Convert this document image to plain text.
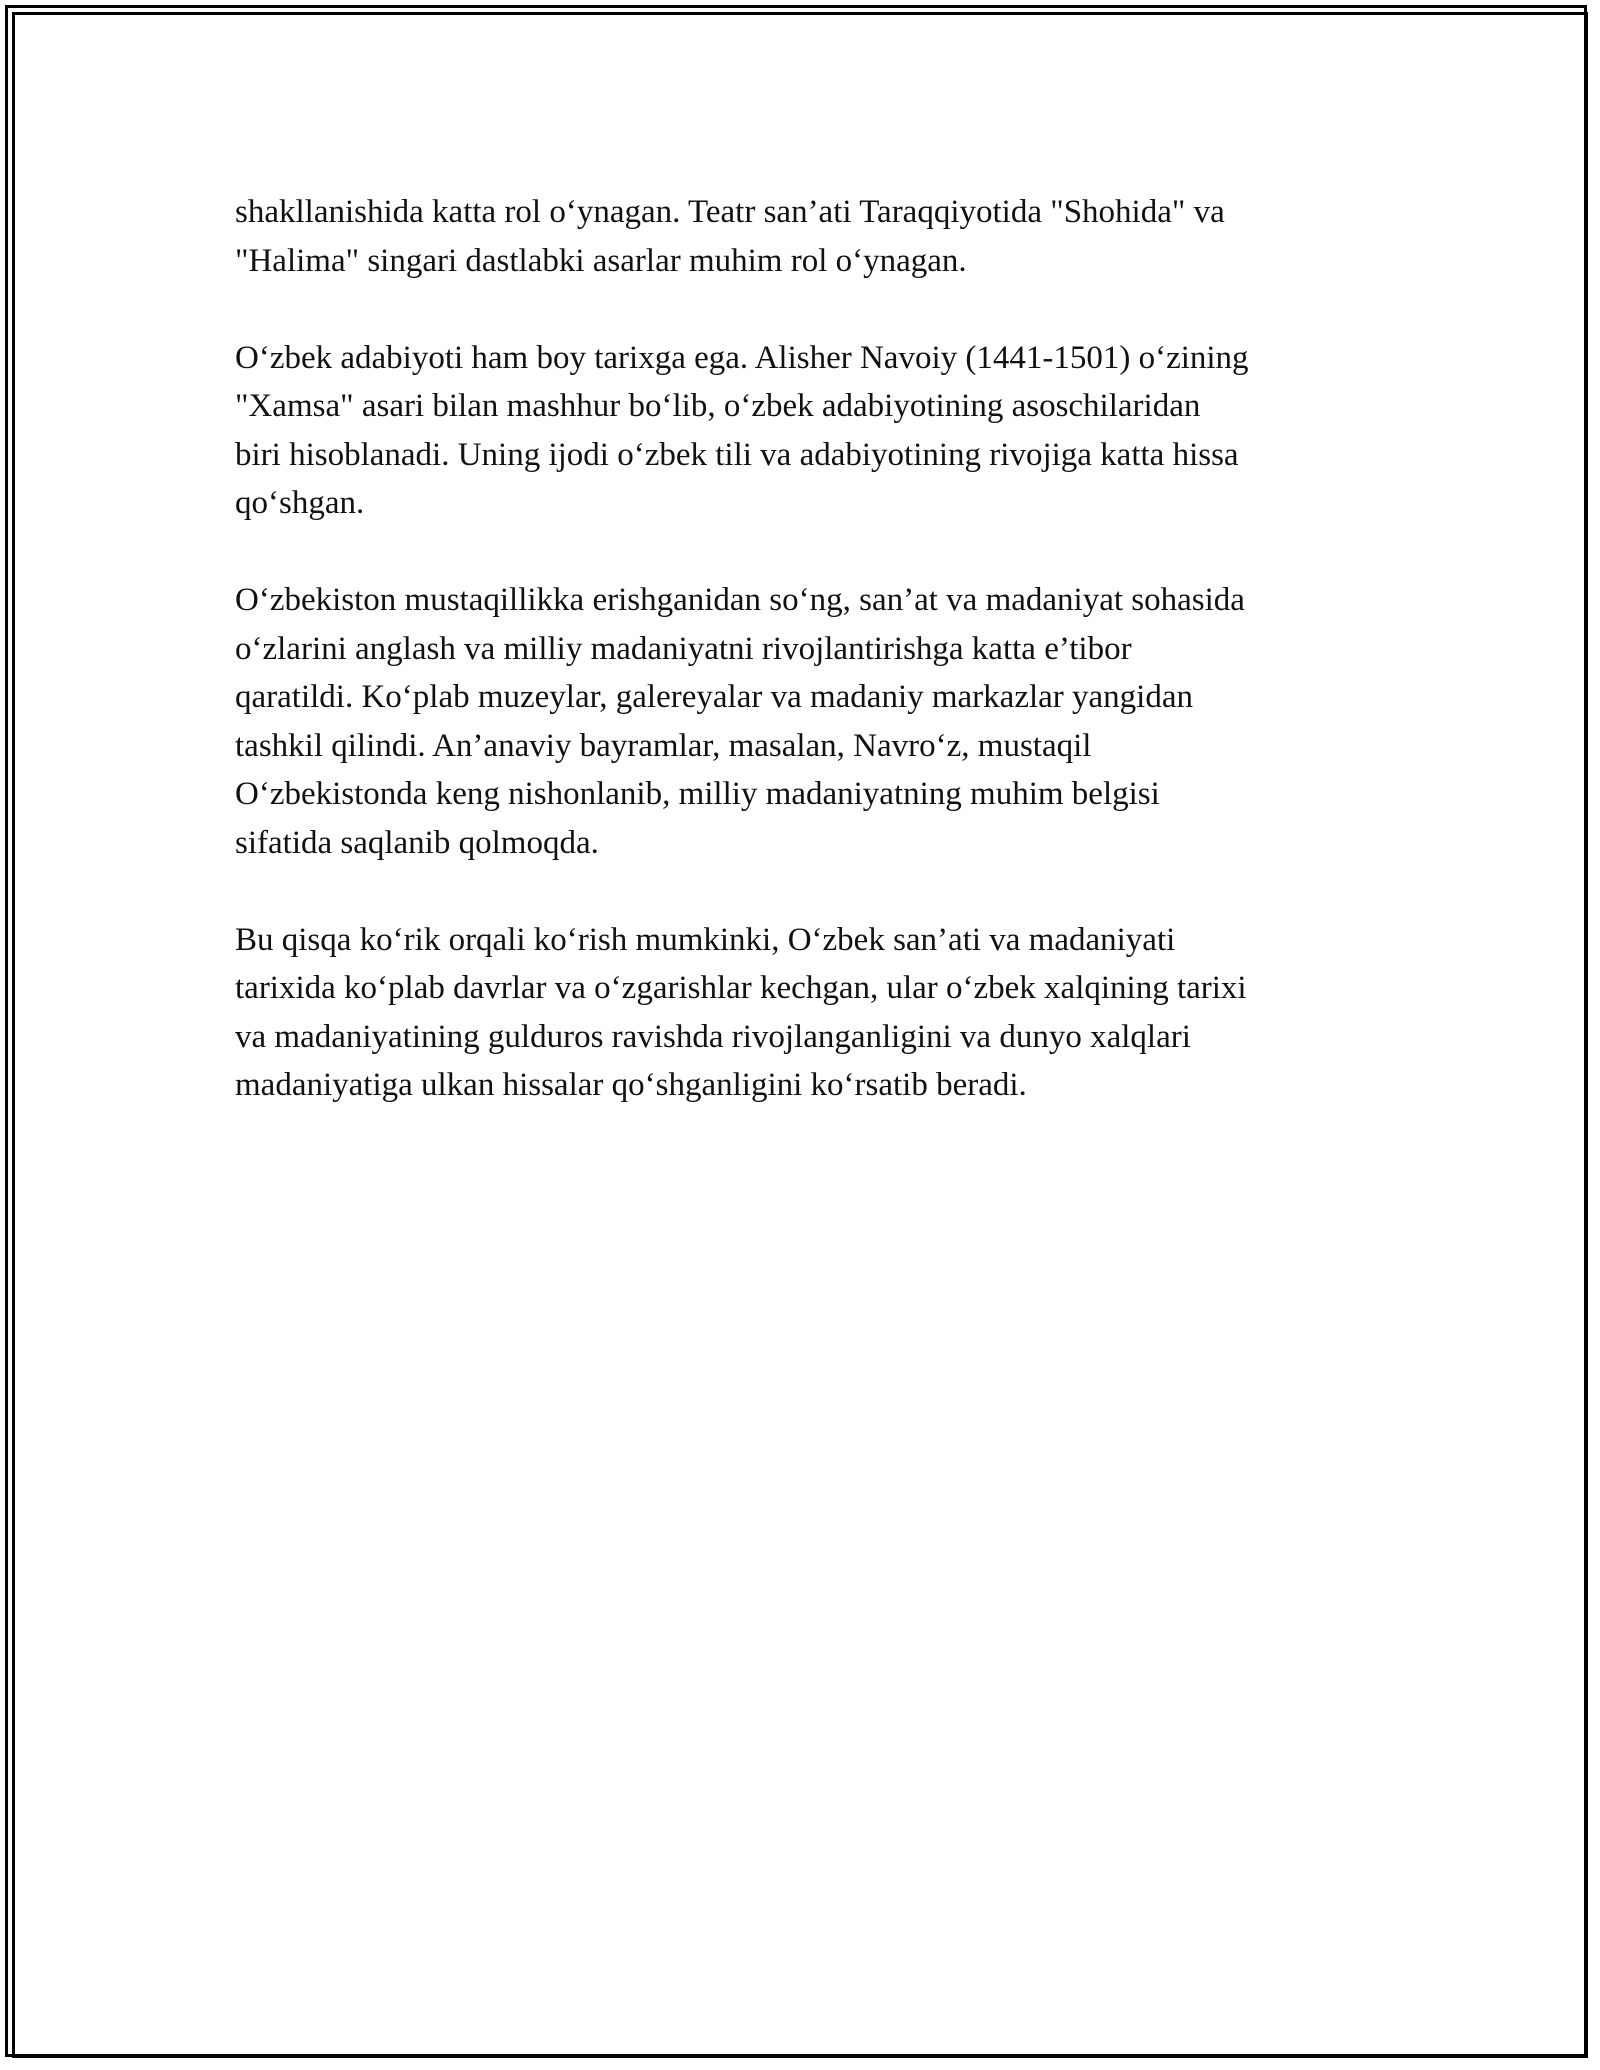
shakllanishida katta rol o‘ynagan. Teatr san’ati Taraqqiyotida "Shohida" va
"Halima" singari dastlabki asarlar muhim rol o‘ynagan.

O‘zbek adabiyoti ham boy tarixga ega. Alisher Navoiy (1441-1501) o‘zining
"Xamsa" asari bilan mashhur bo‘lib, o‘zbek adabiyotining asoschilaridan
biri hisoblanadi. Uning ijodi o‘zbek tili va adabiyotining rivojiga katta hissa
qo‘shgan.

O‘zbekiston mustaqillikka erishganidan so‘ng, san’at va madaniyat sohasida
o‘zlarini anglash va milliy madaniyatni rivojlantirishga katta e’tibor
qaratildi. Ko‘plab muzeylar, galereyalar va madaniy markazlar yangidan
tashkil qilindi. An’anaviy bayramlar, masalan, Navro‘z, mustaqil
O‘zbekistonda keng nishonlanib, milliy madaniyatning muhim belgisi
sifatida saqlanib qolmoqda.

Bu qisqa ko‘rik orqali ko‘rish mumkinki, O‘zbek san’ati va madaniyati
tarixida ko‘plab davrlar va o‘zgarishlar kechgan, ular o‘zbek xalqining tarixi
va madaniyatining gulduros ravishda rivojlanganligini va dunyo xalqlari
madaniyatiga ulkan hissalar qo‘shganligini ko‘rsatib beradi.
